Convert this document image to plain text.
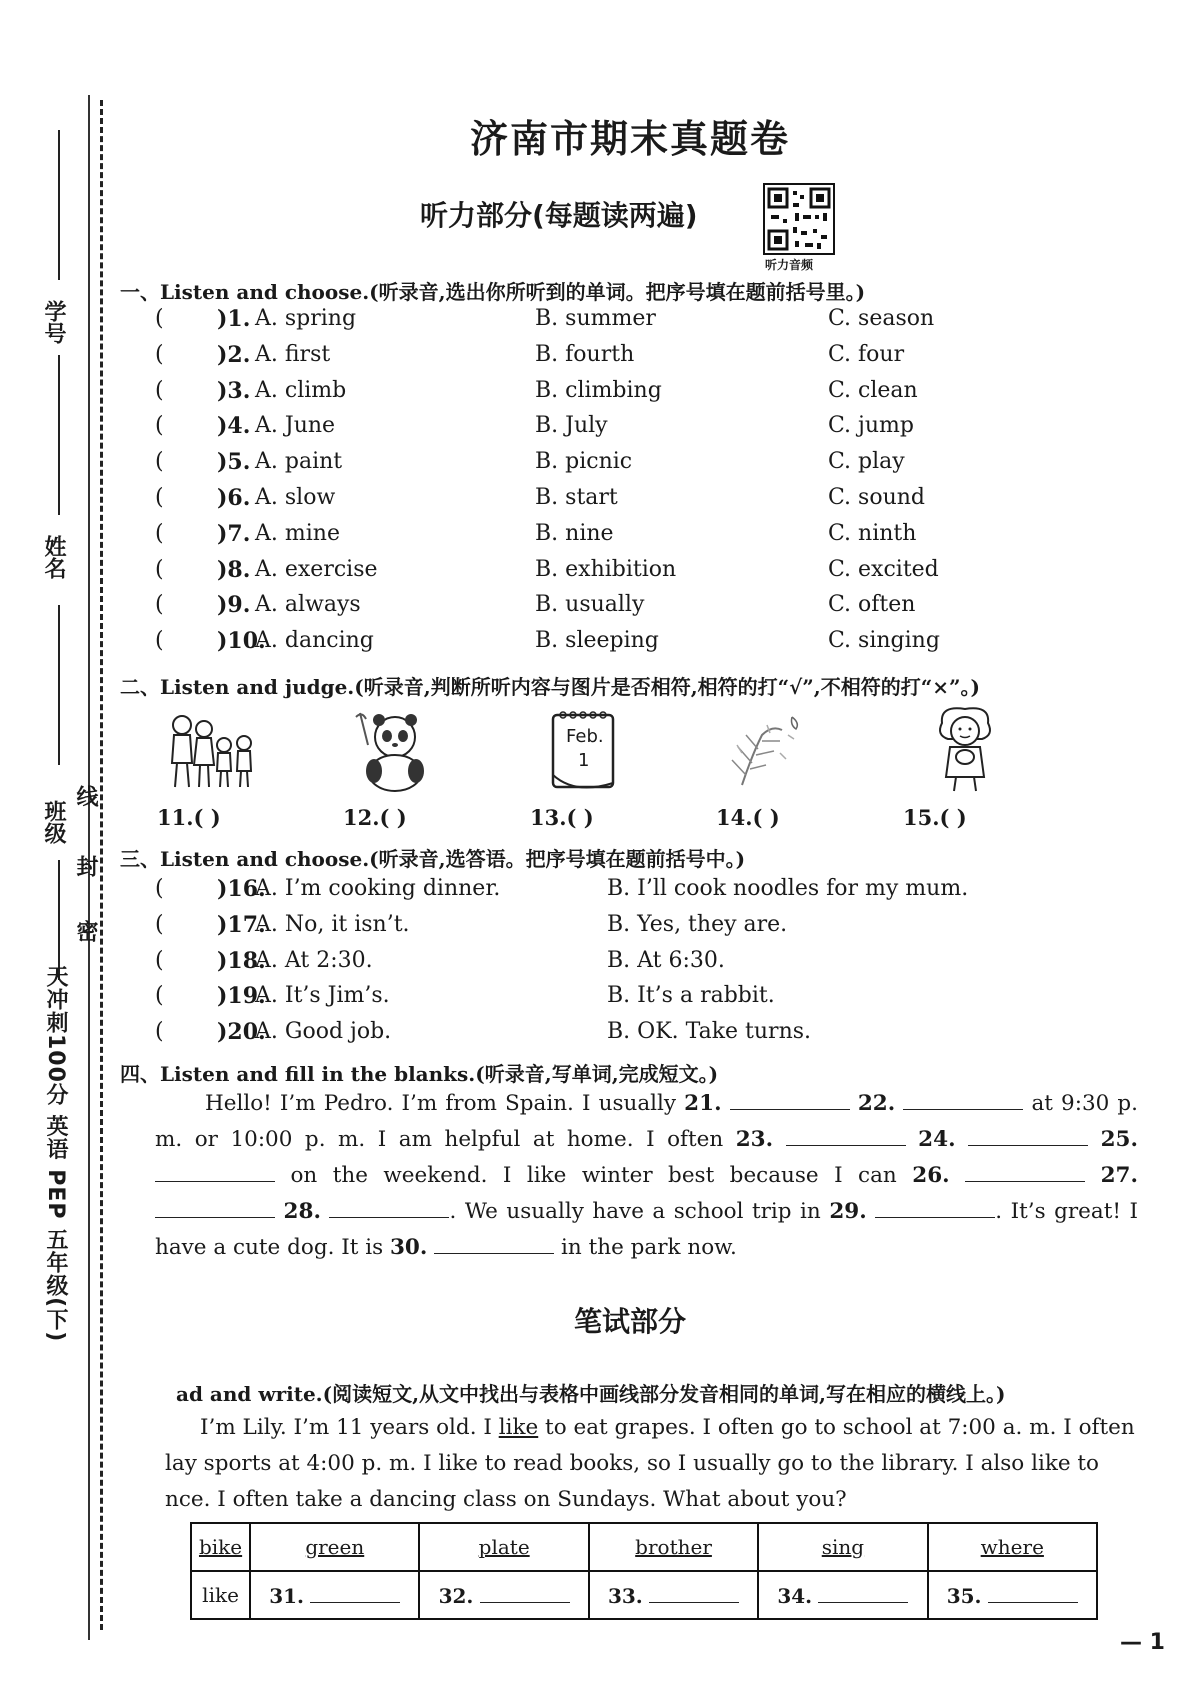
学号
姓名
班级
线
封
密
天冲刺100分 英语 PEP 五年级(下)
济南市期末真题卷
听力部分(每题读两遍)
听力音频
一、Listen and choose.(听录音,选出你所听到的单词。把序号填在题前括号里。)
( )1. A. spring	B. summer	C. season
( )2. A. first	B. fourth	C. four
( )3. A. climb	B. climbing	C. clean
( )4. A. June	B. July	C. jump
( )5. A. paint	B. picnic	C. play
( )6. A. slow	B. start	C. sound
( )7. A. mine	B. nine	C. ninth
( )8. A. exercise	B. exhibition	C. excited
( )9. A. always	B. usually	C. often
( )10.
A. dancing	B. sleeping	C. singing
二、Listen and judge.(听录音,判断所听内容与图片是否相符,相符的打“√”,不相符的打“×”。)
Feb.
1
11.( )	12.( )	13.( )	14.( )	15.( )
三、Listen and choose.(听录音,选答语。把序号填在题前括号中。)
( )16.
A. I’m cooking dinner.	B. I’ll cook noodles for my mum.
( )17.
A. No, it isn’t.	B. Yes, they are.
( )18.
A. At 2:30.	B. At 6:30.
( )19.
A. It’s Jim’s.	B. It’s a rabbit.
( )20.
A. Good job.	B. OK. Take turns.
四、Listen and fill in the blanks.(听录音,写单词,完成短文。)
Hello! I’m Pedro. I’m from Spain. I usually 21.	22.	at 9:30 p. m. or 10:00 p. m. I am helpful at home. I often 23.	24.	25.  on the weekend. I like winter best because I can 26.	27.  28.	. We usually have a school trip in 29.	. It’s great! I have a cute dog. It is 30.	in the park now.
笔试部分
ad and write.(阅读短文,从文中找出与表格中画线部分发音相同的单词,写在相应的横线上。)
I’m Lily. I’m 11 years old. I like to eat grapes. I often go to school at 7:00 a. m. I often
lay sports at 4:00 p. m. I like to read books, so I usually go to the library. I also like to
nce. I often take a dancing class on Sundays. What about you?
bike	green	plate	brother	sing	where
like	31.	32.	33.	34.	35.
— 1
